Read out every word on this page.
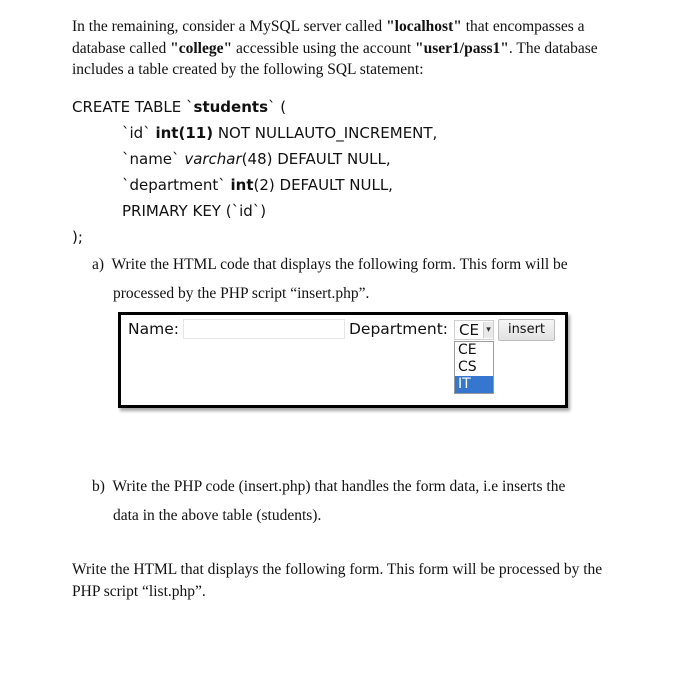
In the remaining, consider a MySQL server called "localhost" that encompasses a database called "college" accessible using the account "user1/pass1". The database includes a table created by the following SQL statement:

CREATE TABLE `students` (
`id` int(11) NOT NULLAUTO_INCREMENT,
`name` varchar(48) DEFAULT NULL,
`department` int(2) DEFAULT NULL,
PRIMARY KEY (`id`)
);
a) Write the HTML code that displays the following form. This form will be
processed by the PHP script “insert.php”.
Name:	Department: CE ▾	insert
CE
CS
IT
b) Write the PHP code (insert.php) that handles the form data, i.e inserts the
data in the above table (students).

Write the HTML that displays the following form. This form will be processed by the PHP script “list.php”.
